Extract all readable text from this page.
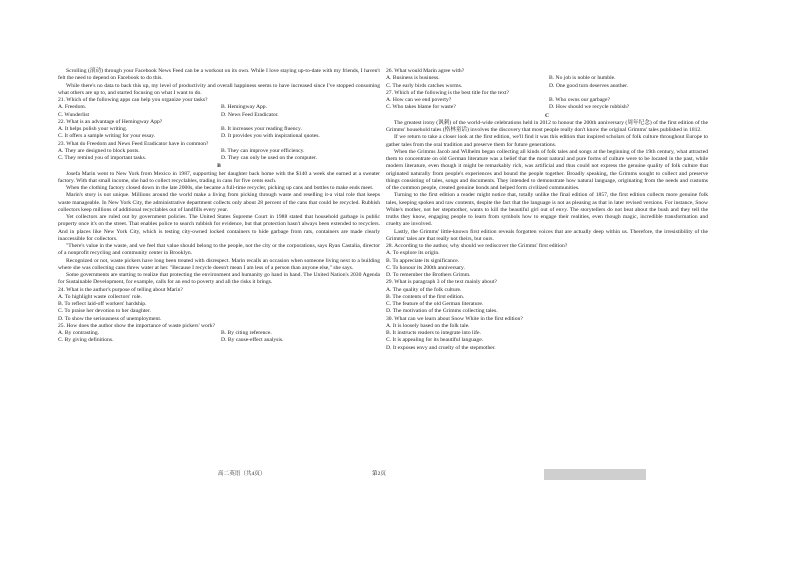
Scrolling (滚动) through your Facebook News Feed can be a workout on its own. While I love staying up-to-date with my friends, I haven't felt the need to depend on Facebook to do this.

While there's no data to back this up, my level of productivity and overall happiness seems to have increased since I've stopped consuming what others are up to, and started focusing on what I want to do.

21. Which of the following apps can help you organize your tasks?

A. Freedom.	B. Hemingway App.
C. Wunderlist	D. News Feed Eradicator.

22. What is an advantage of Hemingway App?

A. It helps polish your writing.	B. It increases your reading fluency.
C. It offers a sample writing for your essay.	D. It provides you with inspirational quotes.

23. What do Freedom and News Feed Eradicator have in common?

A. They are designed to block posts.	B. They can improve your efficiency.
C. They remind you of important tasks.	D. They can only be used on the computer.

B

Josefa Marin went to New York from Mexico in 1987, supporting her daughter back home with the $140 a week she earned at a sweater factory. With that small income, she had to collect recyclables, trading in cans for five cents each.

When the clothing factory closed down in the late 2000s, she became a full-time recycler, picking up cans and bottles to make ends meet.

Marin's story is not unique. Millions around the world make a living from picking through waste and reselling it-a vital role that keeps waste manageable. In New York City, the administrative department collects only about 28 percent of the cans that could be recycled. Rubbish collectors keep millions of additional recyclables out of landfills every year.

Yet collectors are ruled out by government policies. The United States Supreme Court in 1988 stated that household garbage is public property once it's on the street. That enables police to search rubbish for evidence, but that protection hasn't always been extended to recyclers. And in places like New York City, which is testing city-owned locked containers to hide garbage from rats, containers are made clearly inaccessible for collectors.

"There's value in the waste, and we feel that value should belong to the people, not the city or the corporations, says Ryan Castalia, director of a nonprofit recycling and community center in Brooklyn.

Recognized or not, waste pickers have long been treated with disrespect. Marin recalls an occasion when someone living next to a building where she was collecting cans threw water at her. "Because I recycle doesn't mean I am less of a person than anyone else," she says.

Some governments are starting to realize that protecting the environment and humanity go hand in hand. The United Nation's 2030 Agenda for Sustainable Development, for example, calls for an end to poverty and all the risks it brings.

24. What is the author's purpose of telling about Marin?

A. To highlight waste collectors' role.
B. To reflect laid-off workers' hardship.
C. To praise her devotion to her daughter.
D. To show the seriousness of unemployment.

25. How does the author show the importance of waste pickers' work?

A. By contrasting.	B. By citing reference.
C. By giving definitions.	D. By cause-effect analysis.

26. What would Marin agree with?

A. Business is business.	B. No job is noble or humble.
C. The early birds catches worms.	D. One good turn deserves another.

27. Which of the following is the best title for the text?

A. How can we end poverty?	B. Who owns our garbage?
C. Who takes blame for waste?	D. How should we recycle rubbish?

C

The greatest irony (讽刺) of the world-wide celebrations held in 2012 to honour the 200th anniversary (周年纪念) of the first edition of the Grimms' household tales (格林童话) involves the discovery that most people really don't know the original Grimms' tales published in 1812.

If we return to take a closer look at the first edition, we'll find it was this edition that inspired scholars of folk culture throughout Europe to gather tales from the oral tradition and preserve them for future generations.

When the Grimms Jacob and Wilhelm began collecting all kinds of folk tales and songs at the beginning of the 19th century, what attracted them to concentrate on old German literature was a belief that the most natural and pure forms of culture were to be located in the past, while modern literature, even though it might be remarkably rich, was artificial and thus could not express the genuine quality of folk culture that originated naturally from people's experiences and bound the people together. Broadly speaking, the Grimms sought to collect and preserve things consisting of tales, songs and documents. They intended to demonstrate how natural language, originating from the needs and customs of the common people, created genuine bonds and helped form civilized communities.

Turning to the first edition a reader might notice that, totally unlike the final edition of 1857, the first edition collects more genuine folk tales, keeping spoken and raw contents, despite the fact that the language is not as pleasing as that in later revised versions. For instance, Snow White's mother, not her stepmother, wants to kill the beautiful girl out of envy. The storytellers do not beat about the bush and they tell the truths they know, engaging people to learn from symbols how to engage their realities, even though magic, incredible transformation and cruelty are involved.

Lastly, the Grimms' little-known first edition reveals forgotten voices that are actually deep within us. Therefore, the irresistibility of the Grimms' tales are that really not theirs, but ours.

28. According to the author, why should we rediscover the Grimms' first edition?

A. To explore its origin.
B. To appreciate its significance.
C. To honour its 200th anniversary.
D. To remember the Brothers Grimm.

29. What is paragraph 3 of the text mainly about?

A. The quality of the folk culture.
B. The contents of the first edition.
C. The feature of the old German literature.
D. The motivation of the Grimms collecting tales.

30. What can we learn about Snow White in the first edition?

A. It is loosely based on the folk tale.
B. It instructs readers to integrate into life.
C. It is appealing for its beautiful language.
D. It exposes envy and cruelty of the stepmother.
高二英语（共4页）	第2页
